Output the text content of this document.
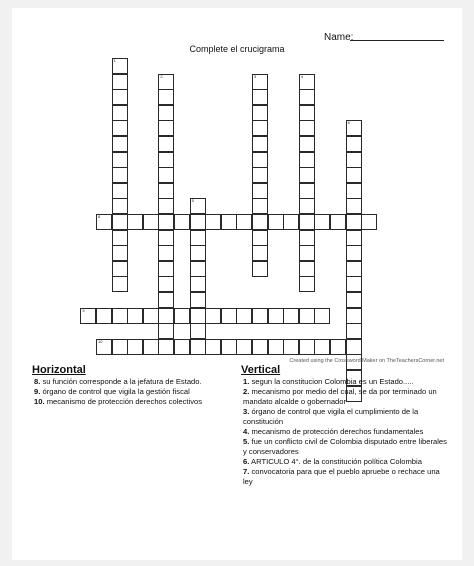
Name:
Complete el crucigrama
1
2	3	4
5
6
8
9
10
Created using the Crossword Maker on TheTeachersCorner.net
Horizontal
8. su función corresponde a la jefatura de Estado.
9. órgano de control que vigila la gestión fiscal
10. mecanismo de protección derechos colectivos
Vertical
1. segun la constitucion Colombia es un Estado.....
2. mecanismo por medio del cual, se da por terminado un mandato alcalde o gobernador
3. órgano de control que vigila el cumplimiento de la constitución
4. mecanismo de protección derechos fundamentales
5. fue un conflicto civil de Colombia disputado entre liberales y conservadores
6. ARTICULO 4°. de la constitución política Colombia
7. convocatoria para que el pueblo apruebe o rechace una ley
